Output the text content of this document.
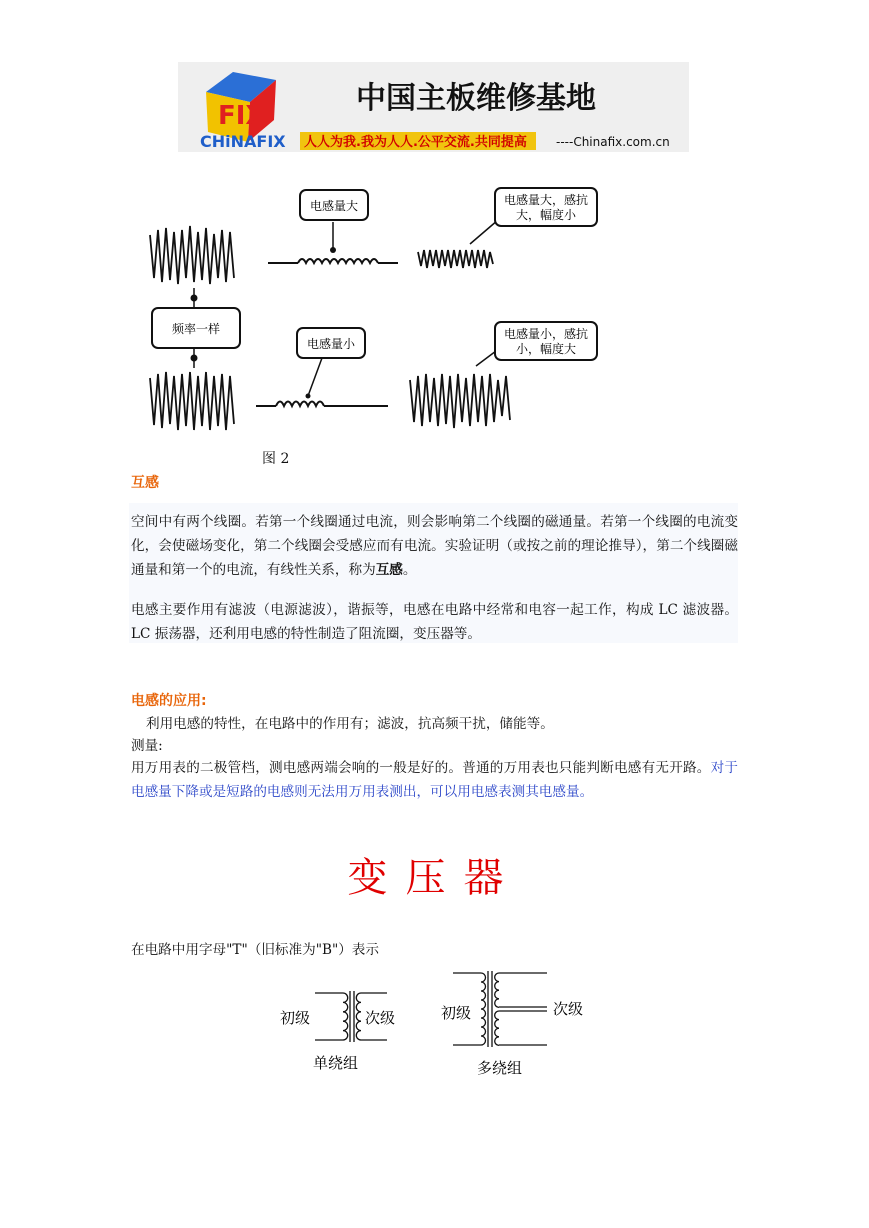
FIX
CHiNAFIX
中国主板维修基地
人人为我.我为人人.公平交流.共同提高 ----Chinafix.com.cn
电感量大	电感量大，感抗
大，幅度小
频率一样
电感量小
电感量小，感抗
小，幅度大
图 2
互感
空间中有两个线圈。若第一个线圈通过电流，则会影响第二个线圈的磁通量。若第一个线圈的电流变化，会使磁场变化，第二个线圈会受感应而有电流。实验证明（或按之前的理论推导），第二个线圈磁通量和第一个的电流，有线性关系，称为互感。
电感主要作用有滤波（电源滤波），谐振等，电感在电路中经常和电容一起工作，构成 LC 滤波器。LC 振荡器，还利用电感的特性制造了阻流圈，变压器等。
电感的应用:
利用电感的特性，在电路中的作用有；滤波，抗高频干扰，储能等。
测量:
用万用表的二极管档，测电感两端会响的一般是好的。普通的万用表也只能判断电感有无开路。对于电感量下降或是短路的电感则无法用万用表测出，可以用电感表测其电感量。
变压器
在电路中用字母"T"（旧标准为"B"）表示
初级	次级
单绕组
初级	次级
多绕组
